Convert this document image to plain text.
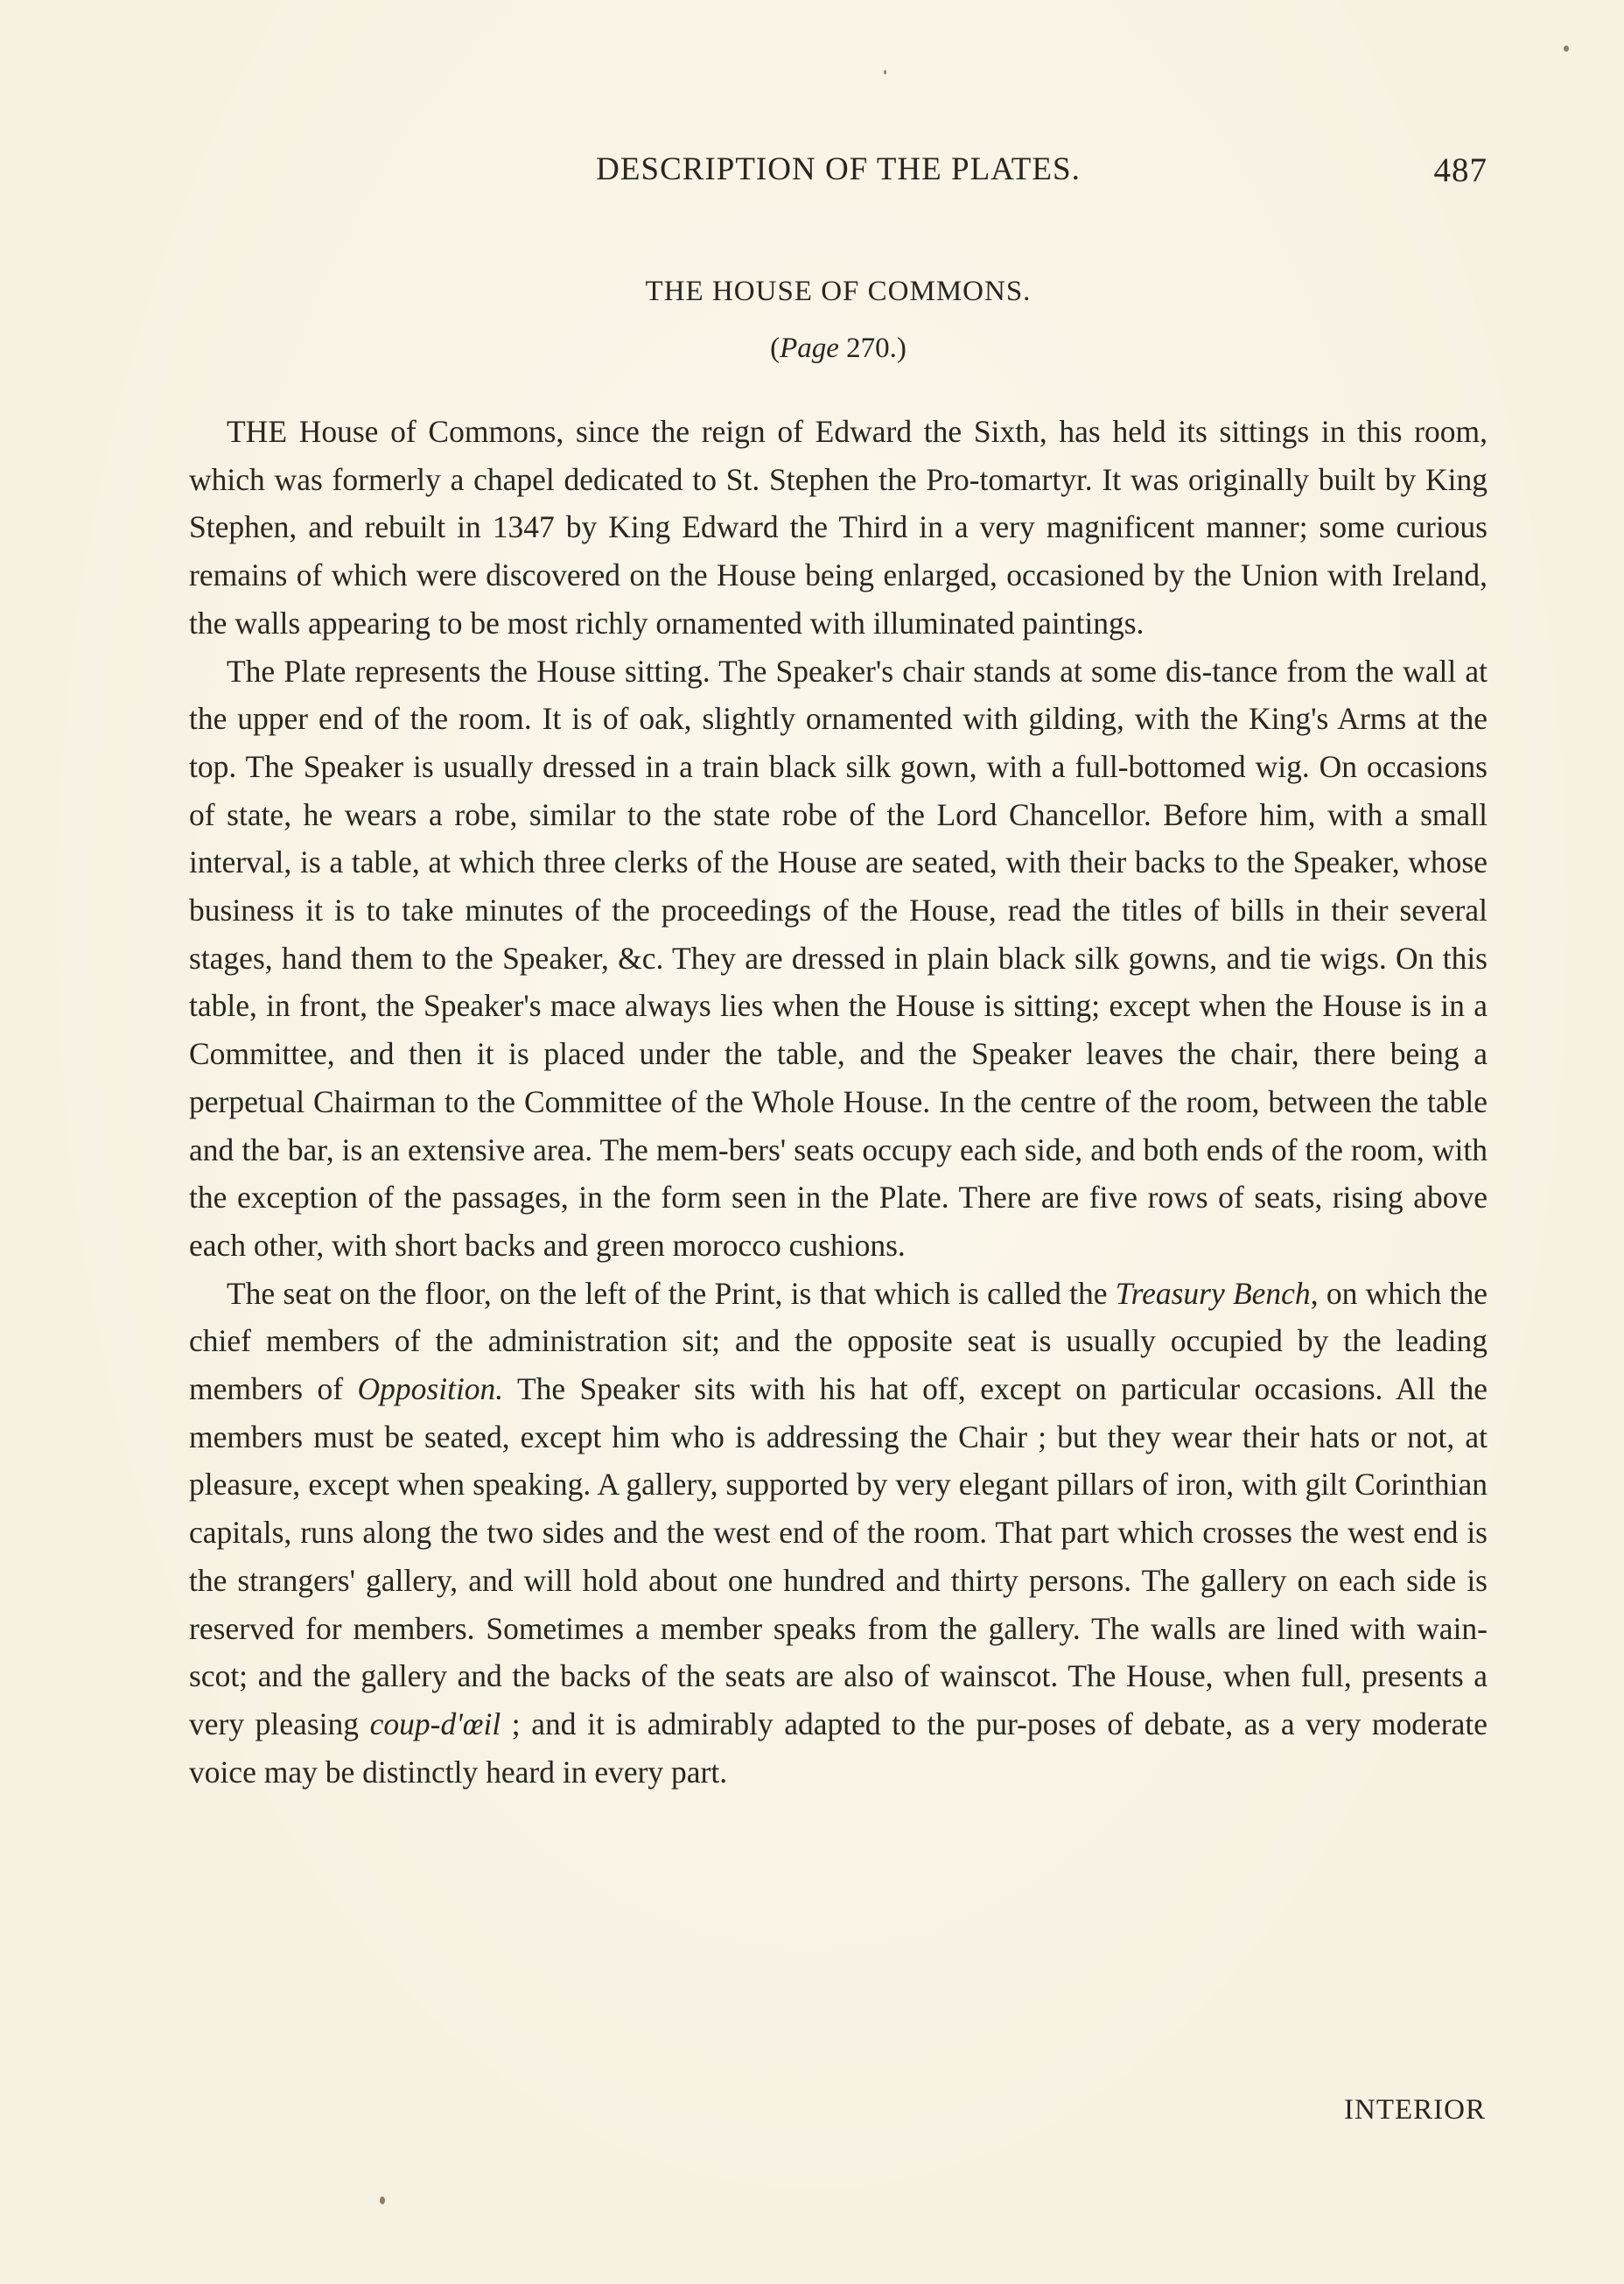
DESCRIPTION OF THE PLATES.	487
THE HOUSE OF COMMONS.
(Page 270.)

THE House of Commons, since the reign of Edward the Sixth, has held its sittings in this room, which was formerly a chapel dedicated to St. Stephen the Pro-tomartyr. It was originally built by King Stephen, and rebuilt in 1347 by King Edward the Third in a very magnificent manner; some curious remains of which were discovered on the House being enlarged, occasioned by the Union with Ireland, the walls appearing to be most richly ornamented with illuminated paintings.

The Plate represents the House sitting. The Speaker's chair stands at some dis-tance from the wall at the upper end of the room. It is of oak, slightly ornamented with gilding, with the King's Arms at the top. The Speaker is usually dressed in a train black silk gown, with a full-bottomed wig. On occasions of state, he wears a robe, similar to the state robe of the Lord Chancellor. Before him, with a small interval, is a table, at which three clerks of the House are seated, with their backs to the Speaker, whose business it is to take minutes of the proceedings of the House, read the titles of bills in their several stages, hand them to the Speaker, &c. They are dressed in plain black silk gowns, and tie wigs. On this table, in front, the Speaker's mace always lies when the House is sitting; except when the House is in a Committee, and then it is placed under the table, and the Speaker leaves the chair, there being a perpetual Chairman to the Committee of the Whole House. In the centre of the room, between the table and the bar, is an extensive area. The mem-bers' seats occupy each side, and both ends of the room, with the exception of the passages, in the form seen in the Plate. There are five rows of seats, rising above each other, with short backs and green morocco cushions.

The seat on the floor, on the left of the Print, is that which is called the Treasury Bench, on which the chief members of the administration sit; and the opposite seat is usually occupied by the leading members of Opposition. The Speaker sits with his hat off, except on particular occasions. All the members must be seated, except him who is addressing the Chair ; but they wear their hats or not, at pleasure, except when speaking. A gallery, supported by very elegant pillars of iron, with gilt Corinthian capitals, runs along the two sides and the west end of the room. That part which crosses the west end is the strangers' gallery, and will hold about one hundred and thirty persons. The gallery on each side is reserved for members. Sometimes a member speaks from the gallery. The walls are lined with wain-scot; and the gallery and the backs of the seats are also of wainscot. The House, when full, presents a very pleasing coup-d'œil ; and it is admirably adapted to the pur-poses of debate, as a very moderate voice may be distinctly heard in every part.

INTERIOR
